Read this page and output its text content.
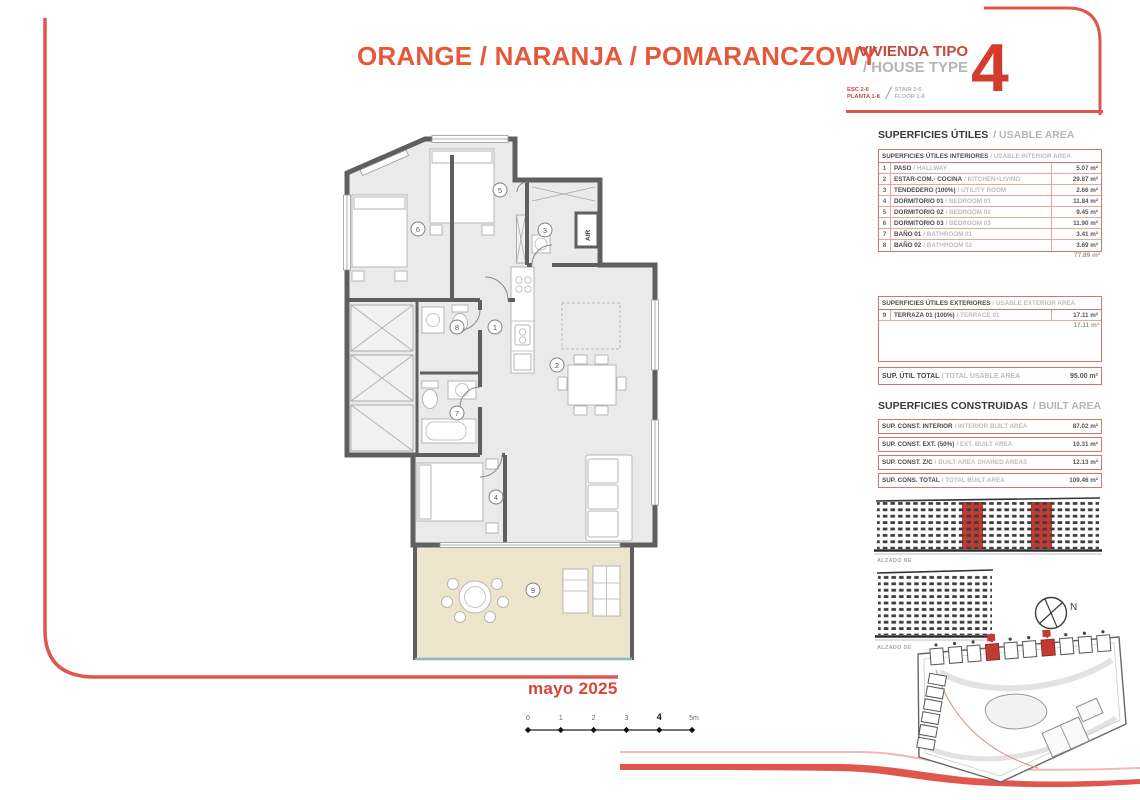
ORANGE / NARANJA / POMARANCZOWY
VIVIENDA TIPO
/ HOUSE TYPE 4
ESC 2-6
PLANTA 1-8 / STAIR 2-6
FLOOR 1-8
SUPERFICIES ÚTILES / USABLE AREA
SUPERFICIES ÚTILES INTERIORES / USABLE INTERIOR AREA
1	PASO / HALLWAY	5.07 m²
2	ESTAR-COM.- COCINA / KITCHEN+LIVING	29.87 m²
3	TENDEDERO (100%) / UTILITY ROOM	2.66 m²
4	DORMITORIO 01 / BEDROOM 01	11.84 m²
5	DORMITORIO 02 / BEDROOM 02	9.45 m²
6	DORMITORIO 03 / BEDROOM 03	11.90 m²
7	BAÑO 01 / BATHROOM 01	3.41 m²
8	BAÑO 02 / BATHROOM 02	3.69 m²
77.89 m²
SUPERFICIES ÚTILES EXTERIORES / USABLE EXTERIOR AREA
9	TERRAZA 01 (100%) / TERRACE 01	17.11 m²
17.11 m²
SUP. ÚTIL TOTAL / TOTAL USABLE AREA	95.00 m²
SUPERFICIES CONSTRUIDAS / BUILT AREA
SUP. CONST. INTERIOR / INTERIOR BUILT AREA	87.02 m²
SUP. CONST. EXT. (50%) / EXT. BUILT AREA	10.31 m²
SUP. CONST. Z/C / BUILT AREA SHARED AREAS	12.13 m²
SUP. CONS. TOTAL / TOTAL BUILT AREA	109.46 m²
AIR
1
2
3
4
5
6
7
8
9
ALZADO NE
ALZADO SE
N
mayo 2025
0	1	2	3	4	5m
